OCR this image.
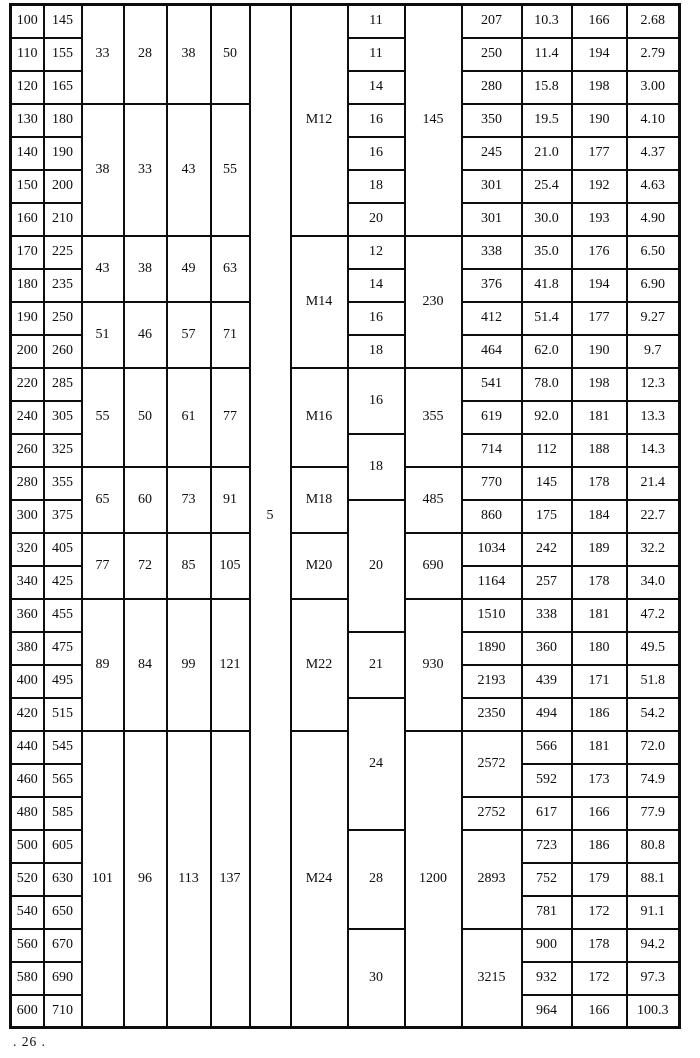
100	145	33	28	38	50	5	M12	11	145	207	10.3	166	2.68
110	155							11		250	11.4	194	2.79
120	165							14		280	15.8	198	3.00
130	180	38	33	43	55			16		350	19.5	190	4.10
140	190							16		245	21.0	177	4.37
150	200							18		301	25.4	192	4.63
160	210							20		301	30.0	193	4.90
170	225	43	38	49	63		M14	12	230	338	35.0	176	6.50
180	235							14		376	41.8	194	6.90
190	250	51	46	57	71			16		412	51.4	177	9.27
200	260							18		464	62.0	190	9.7
220	285	55	50	61	77		M16	16	355	541	78.0	198	12.3
240	305									619	92.0	181	13.3
260	325							18		714	112	188	14.3
280	355	65	60	73	91		M18		485	770	145	178	21.4
300	375							20		860	175	184	22.7
320	405	77	72	85	105		M20		690	1034	242	189	32.2
340	425									1164	257	178	34.0
360	455	89	84	99	121		M22		930	1510	338	181	47.2
380	475							21		1890	360	180	49.5
400	495									2193	439	171	51.8
420	515							24		2350	494	186	54.2
440	545	101	96	113	137		M24		1200	2572	566	181	72.0
460	565										592	173	74.9
480	585									2752	617	166	77.9
500	605							28		2893	723	186	80.8
520	630										752	179	88.1
540	650										781	172	91.1
560	670							30		3215	900	178	94.2
580	690										932	172	97.3
600	710										964	166	100.3
. 26 .
